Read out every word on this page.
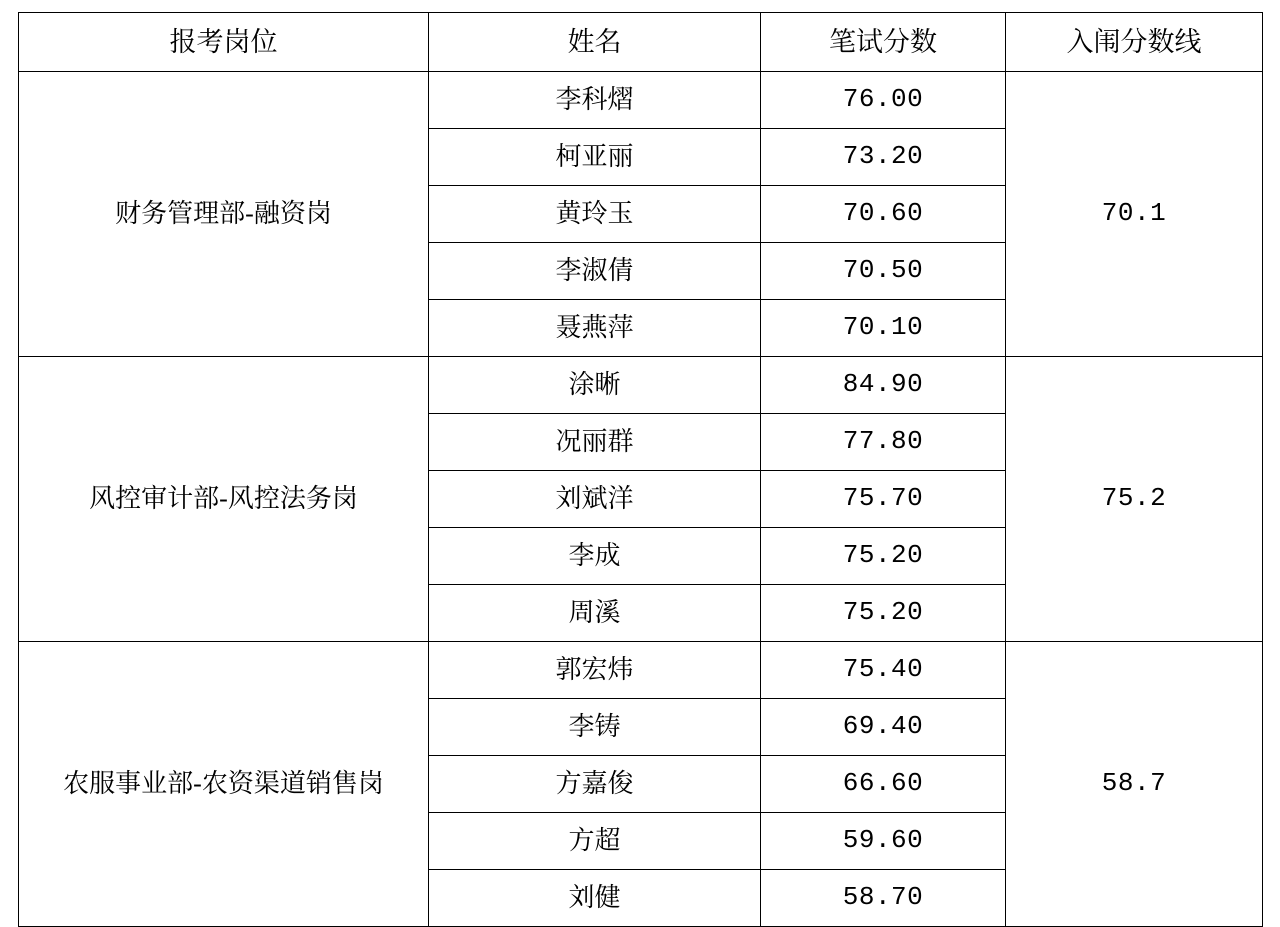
报考岗位	姓名	笔试分数	入闱分数线
财务管理部-融资岗	李科熠	76.00	70.1
	柯亚丽	73.20	
	黄玲玉	70.60	
	李淑倩	70.50	
	聂燕萍	70.10	
风控审计部-风控法务岗	涂晰	84.90	75.2
	况丽群	77.80	
	刘斌洋	75.70	
	李成	75.20	
	周溪	75.20	
农服事业部-农资渠道销售岗	郭宏炜	75.40	58.7
	李铸	69.40	
	方嘉俊	66.60	
	方超	59.60	
	刘健	58.70	
